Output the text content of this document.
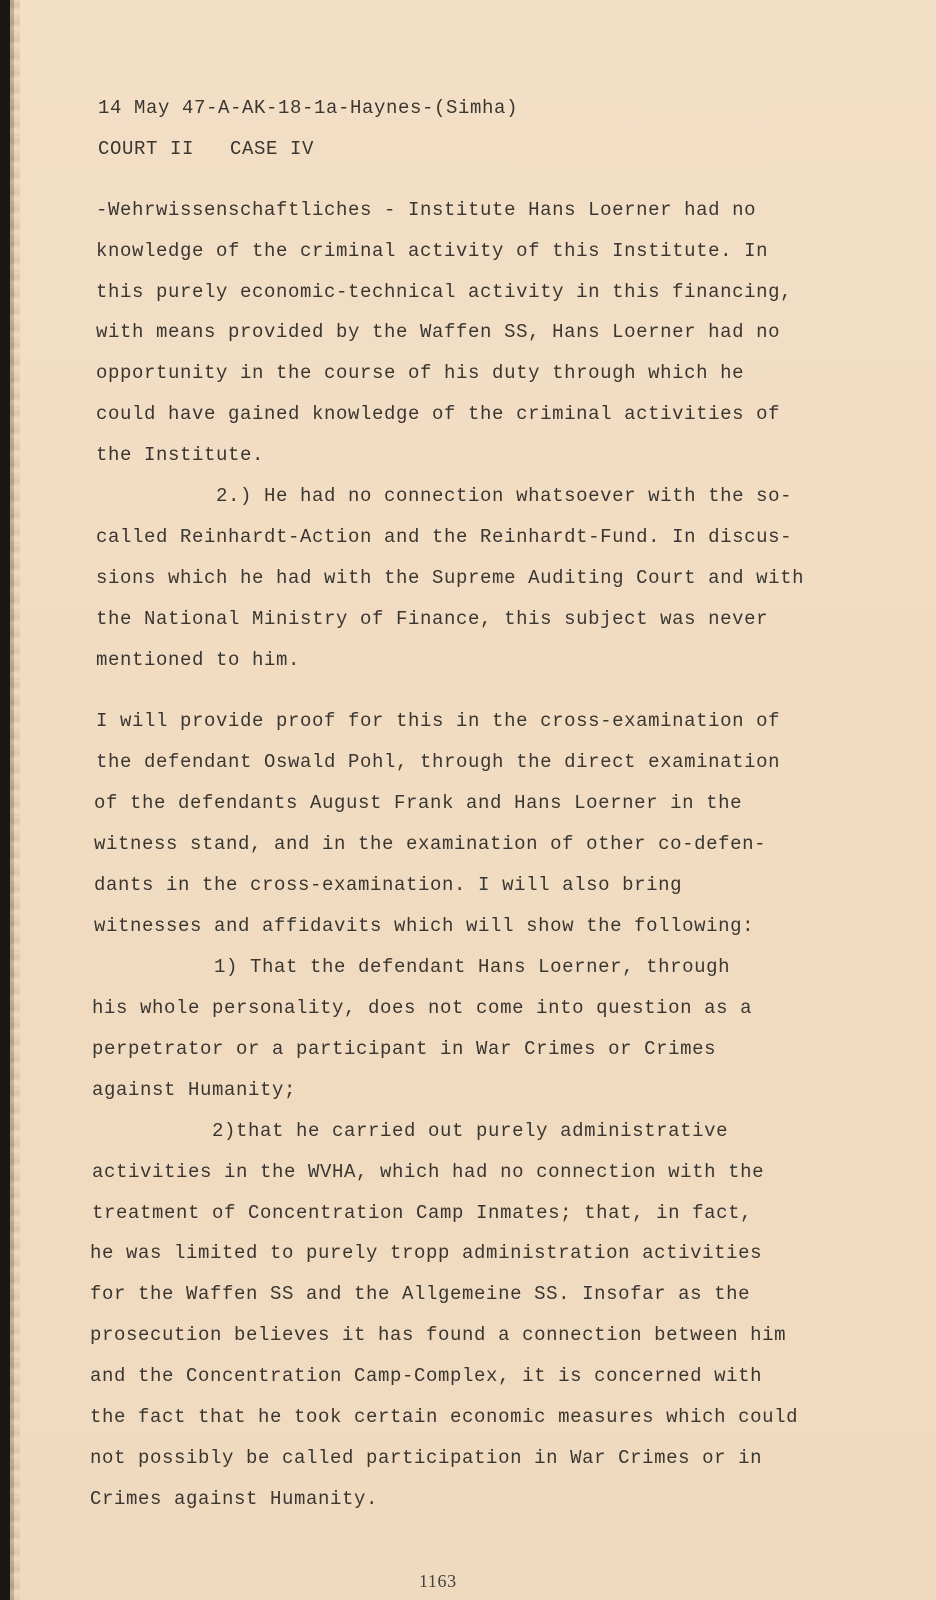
14 May 47-A-AK-18-1a-Haynes-(Simha)
COURT II   CASE IV
-Wehrwissenschaftliches - Institute Hans Loerner had no
knowledge of the criminal activity of this Institute. In
this purely economic-technical activity in this financing,
with means provided by the Waffen SS, Hans Loerner had no
opportunity in the course of his duty through which he
could have gained knowledge of the criminal activities of
the Institute.
2.) He had no connection whatsoever with the so-
called Reinhardt-Action and the Reinhardt-Fund. In discus-
sions which he had with the Supreme Auditing Court and with
the National Ministry of Finance, this subject was never
mentioned to him.
I will provide proof for this in the cross-examination of
the defendant Oswald Pohl, through the direct examination
of the defendants August Frank and Hans Loerner in the
witness stand, and in the examination of other co-defen-
dants in the cross-examination. I will also bring
witnesses and affidavits which will show the following:
1) That the defendant Hans Loerner, through
his whole personality, does not come into question as a
perpetrator or a participant in War Crimes or Crimes
against Humanity;
2)that he carried out purely administrative
activities in the WVHA, which had no connection with the
treatment of Concentration Camp Inmates; that, in fact,
he was limited to purely tropp administration activities
for the Waffen SS and the Allgemeine SS. Insofar as the
prosecution believes it has found a connection between him
and the Concentration Camp-Complex, it is concerned with
the fact that he took certain economic measures which could
not possibly be called participation in War Crimes or in
Crimes against Humanity.
1163
